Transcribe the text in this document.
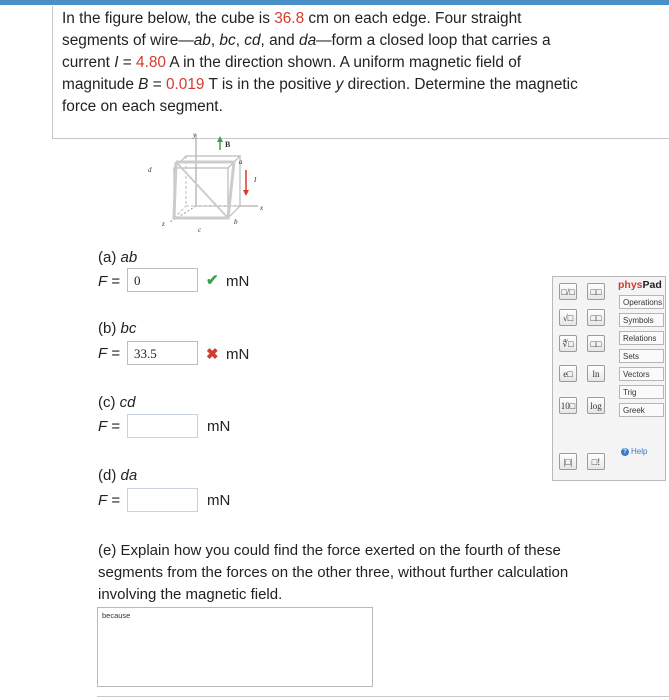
In the figure below, the cube is 36.8 cm on each edge. Four straight
segments of wire—ab, bc, cd, and da—form a closed loop that carries a
current I = 4.80 A in the direction shown. A uniform magnetic field of
magnitude B = 0.019 T is in the positive y direction. Determine the magnetic
force on each segment.
y
B
a
I
d
b
c
x
z
(a) ab
F =	0	✔ mN
(b) bc
F =	33.5	✖ mN
(c) cd
F =	mN
(d) da
F =	mN
physPad
□/□	□□
√□	□□
∜□	□□
e□	ln
10□	log
|□|	□!
Operations
Symbols
Relations
Sets
Vectors
Trig
Greek
? Help
(e) Explain how you could find the force exerted on the fourth of these
segments from the forces on the other three, without further calculation
involving the magnetic field.
because
